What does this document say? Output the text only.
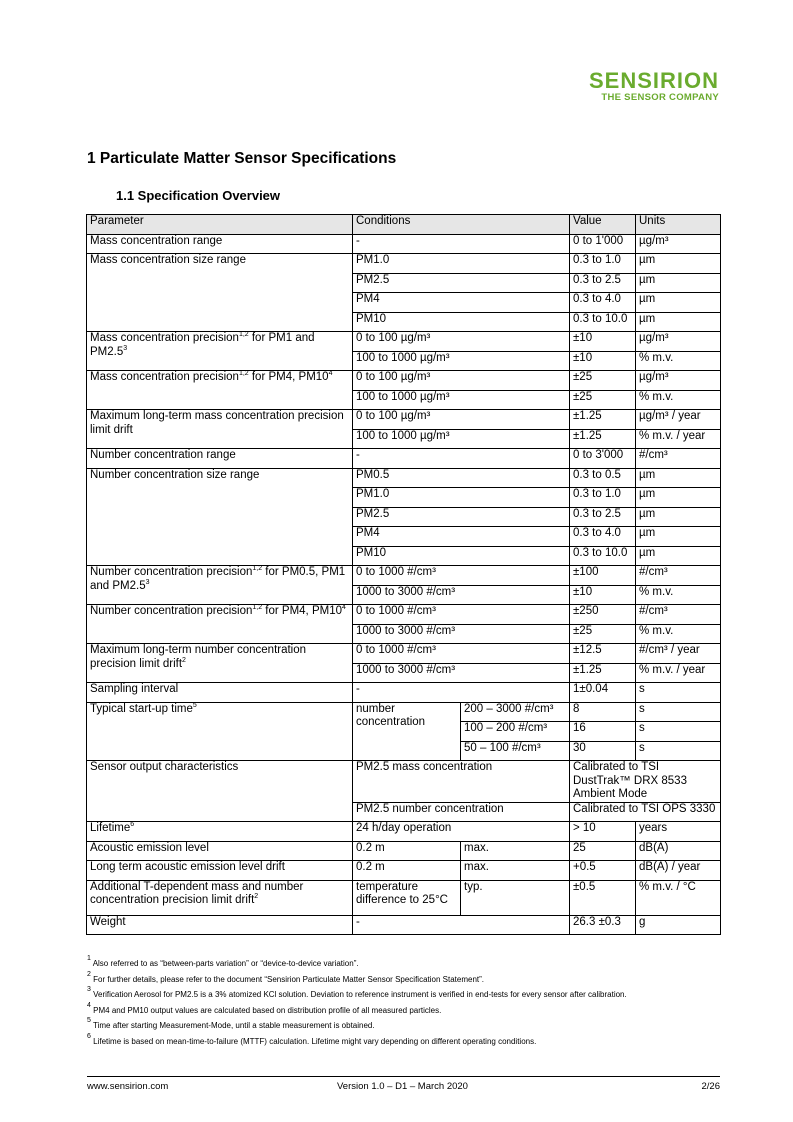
SENSIRION
THE SENSOR COMPANY
1 Particulate Matter Sensor Specifications
1.1 Specification Overview
Parameter	Conditions		Value	Units
Mass concentration range	-		0 to 1'000	µg/m³
Mass concentration size range	PM1.0		0.3 to 1.0	µm
	PM2.5		0.3 to 2.5	µm
	PM4		0.3 to 4.0	µm
	PM10		0.3 to 10.0	µm
Mass concentration precision$^{1,2}$ for PM1 and $PM2.5^3$	0 to 100 µg/m³		±10	µg/m³
	100 to 1000 µg/m³		±10	% m.v.
Mass concentration precision$^{1,2}$ for PM4, $PM10^4$	0 to 100 µg/m³		±25	µg/m³
	100 to 1000 µg/m³		±25	% m.v.
Maximum long-term mass concentration precision limit drift	0 to 100 µg/m³		±1.25	µg/m³ / year
	100 to 1000 µg/m³		±1.25	% m.v. / year
Number concentration range	-		0 to 3'000	#/cm³
Number concentration size range	PM0.5		0.3 to 0.5	µm
	PM1.0		0.3 to 1.0	µm
	PM2.5		0.3 to 2.5	µm
	PM4		0.3 to 4.0	µm
	PM10		0.3 to 10.0	µm
Number concentration precision$^{1,2}$ for PM0.5, PM1 and $PM2.5^3$	0 to 1000 #/cm³		±100	#/cm³
	1000 to 3000 #/cm³		±10	% m.v.
Number concentration precision$^{1,2}$ for PM4, $PM10^4$	0 to 1000 #/cm³		±250	#/cm³
	1000 to 3000 #/cm³		±25	% m.v.
Maximum long-term number concentration precision limit drift$^2$	0 to 1000 #/cm³		±12.5	#/cm³ / year
	1000 to 3000 #/cm³		±1.25	% m.v. / year
Sampling interval	-		1±0.04	s
Typical start-up time$^5$	number concentration	200 – 3000 #/cm³	8	s
		100 – 200 #/cm³	16	s
		50 – 100 #/cm³	30	s
Sensor output characteristics	PM2.5 mass concentration		Calibrated to TSI DustTrak™ DRX 8533 Ambient Mode	
	PM2.5 number concentration		Calibrated to TSI OPS 3330	
Lifetime$^6$	24 h/day operation		> 10	years
Acoustic emission level	0.2 m	max.	25	dB(A)
Long term acoustic emission level drift	0.2 m	max.	+0.5	dB(A) / year
Additional T-dependent mass and number concentration precision limit drift$^2$	temperature difference to 25°C	typ.	±0.5	% m.v. / °C
Weight	-		26.3 ±0.3	g

$^1$ Also referred to as “between-parts variation” or “device-to-device variation”.

$^2$ For further details, please refer to the document “Sensirion Particulate Matter Sensor Specification Statement”.

$^3$ Verification Aerosol for PM2.5 is a 3% atomized KCl solution. Deviation to reference instrument is verified in end-tests for every sensor after calibration.

$^4$ PM4 and PM10 output values are calculated based on distribution profile of all measured particles.

$^5$ Time after starting Measurement-Mode, until a stable measurement is obtained.

$^6$ Lifetime is based on mean-time-to-failure (MTTF) calculation. Lifetime might vary depending on different operating conditions.

www.sensirion.com	Version 1.0 – D1 – March 2020	2/26
